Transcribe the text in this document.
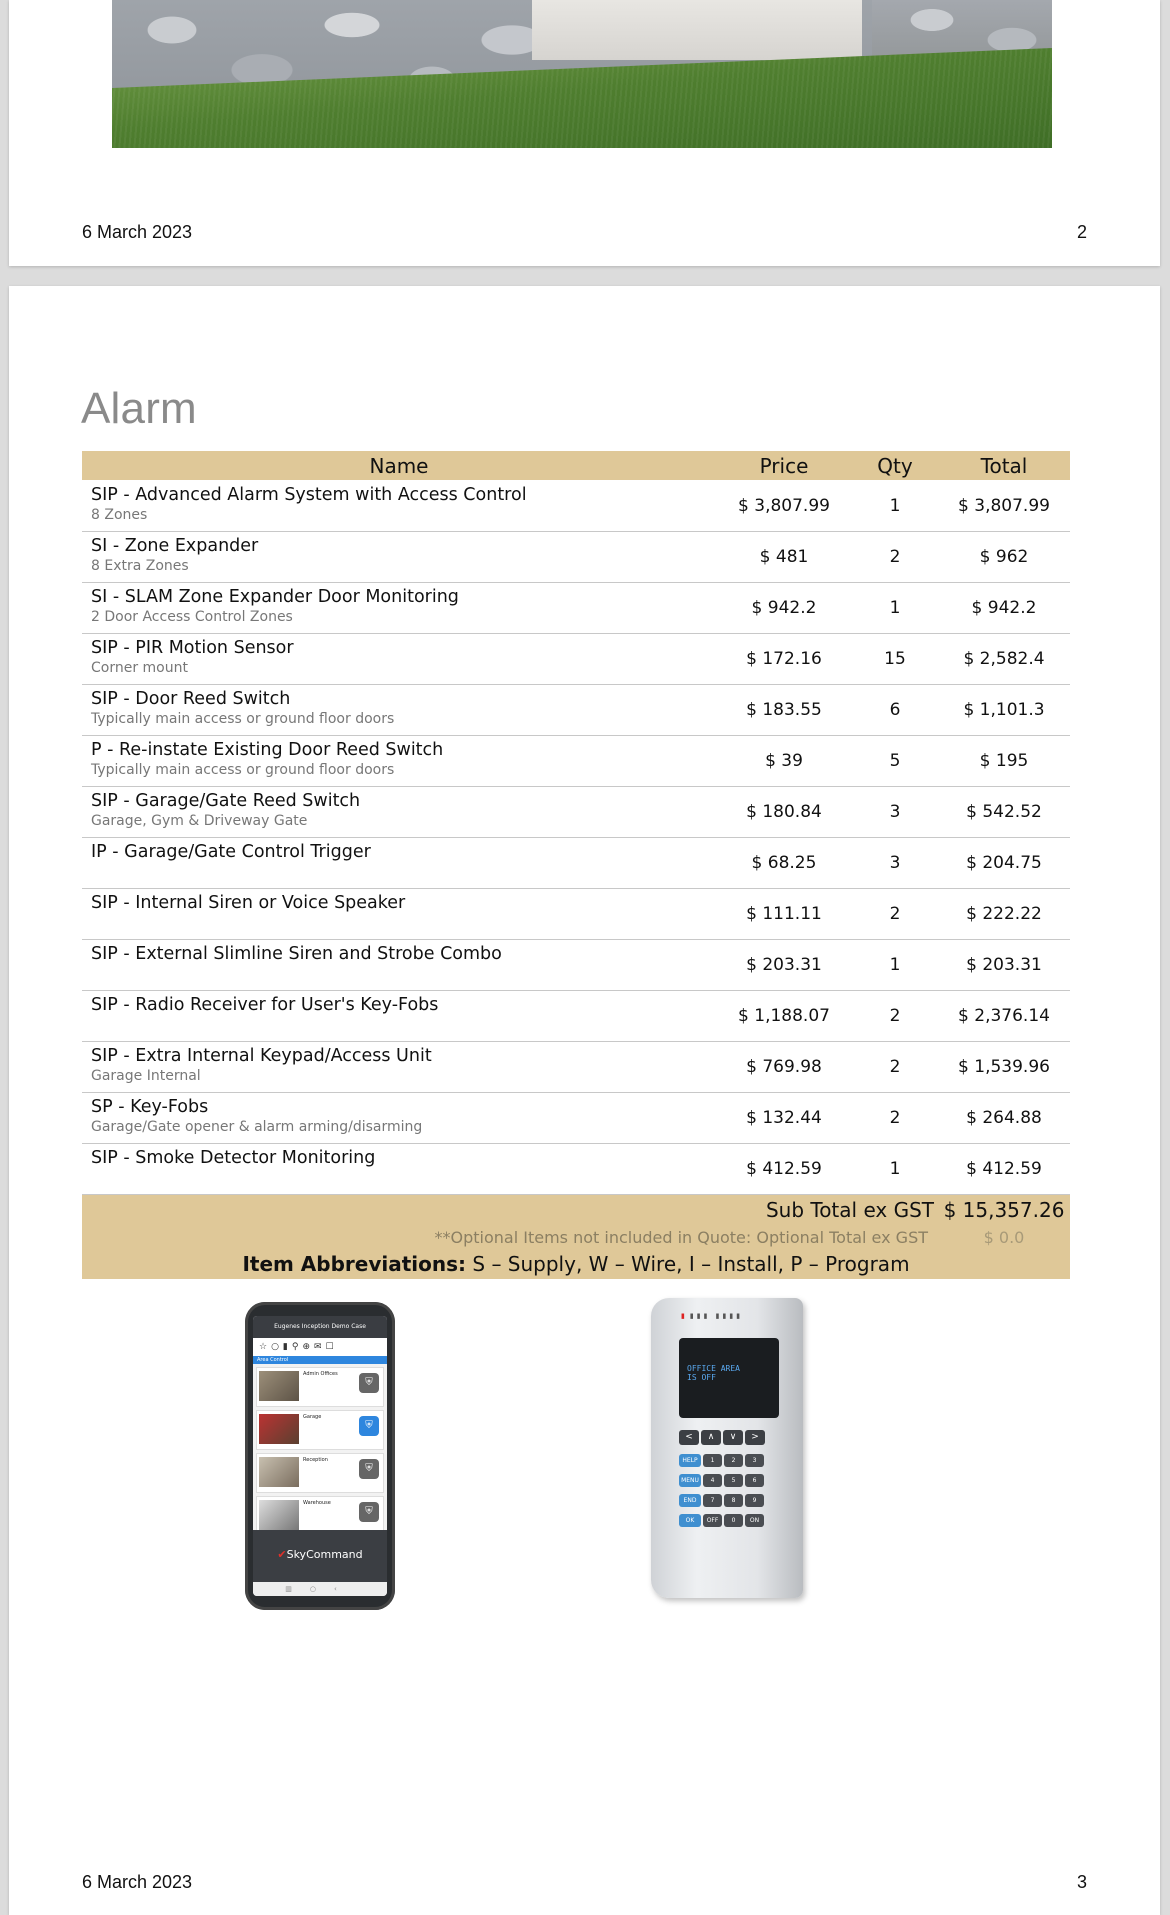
6 March 2023	2
Alarm
Name	Price	Qty	Total

SIP - Advanced Alarm System with Access Control
8 Zones	$ 3,807.99	1	$ 3,807.99

SI - Zone Expander
8 Extra Zones	$ 481	2	$ 962

SI - SLAM Zone Expander Door Monitoring
2 Door Access Control Zones	$ 942.2	1	$ 942.2

SIP - PIR Motion Sensor
Corner mount	$ 172.16	15	$ 2,582.4

SIP - Door Reed Switch
Typically main access or ground floor doors	$ 183.55	6	$ 1,101.3

P - Re-instate Existing Door Reed Switch
Typically main access or ground floor doors	$ 39	5	$ 195

SIP - Garage/Gate Reed Switch
Garage, Gym & Driveway Gate	$ 180.84	3	$ 542.52

IP - Garage/Gate Control Trigger	$ 68.25	3	$ 204.75

SIP - Internal Siren or Voice Speaker	$ 111.11	2	$ 222.22

SIP - External Slimline Siren and Strobe Combo	$ 203.31	1	$ 203.31

SIP - Radio Receiver for User's Key-Fobs	$ 1,188.07	2	$ 2,376.14

SIP - Extra Internal Keypad/Access Unit
Garage Internal	$ 769.98	2	$ 1,539.96

SP - Key-Fobs
Garage/Gate opener & alarm arming/disarming	$ 132.44	2	$ 264.88

SIP - Smoke Detector Monitoring	$ 412.59	1	$ 412.59
	Sub Total ex GST		$ 15,357.26
**Optional Items not included in Quote: Optional Total ex GST			$ 0.0
Item Abbreviations: S – Supply, W – Wire, I – Install, P – Program			
Eugenes Inception Demo Case
☆○▮⚲⊕✉☐
Area Control
Admin Offices
⛨
Garage
⛨
Reception
⛨
Warehouse
⛨
✔ SkyCommand
▥○‹
▮ ▮▮▮ ▮▮▮▮
OFFICE AREA
IS OFF
< ∧ ∨ >
HELP 1	2	3
MENU 4	5	6
END 7	8	9
OK OFF 0 ON

6 March 2023	3
